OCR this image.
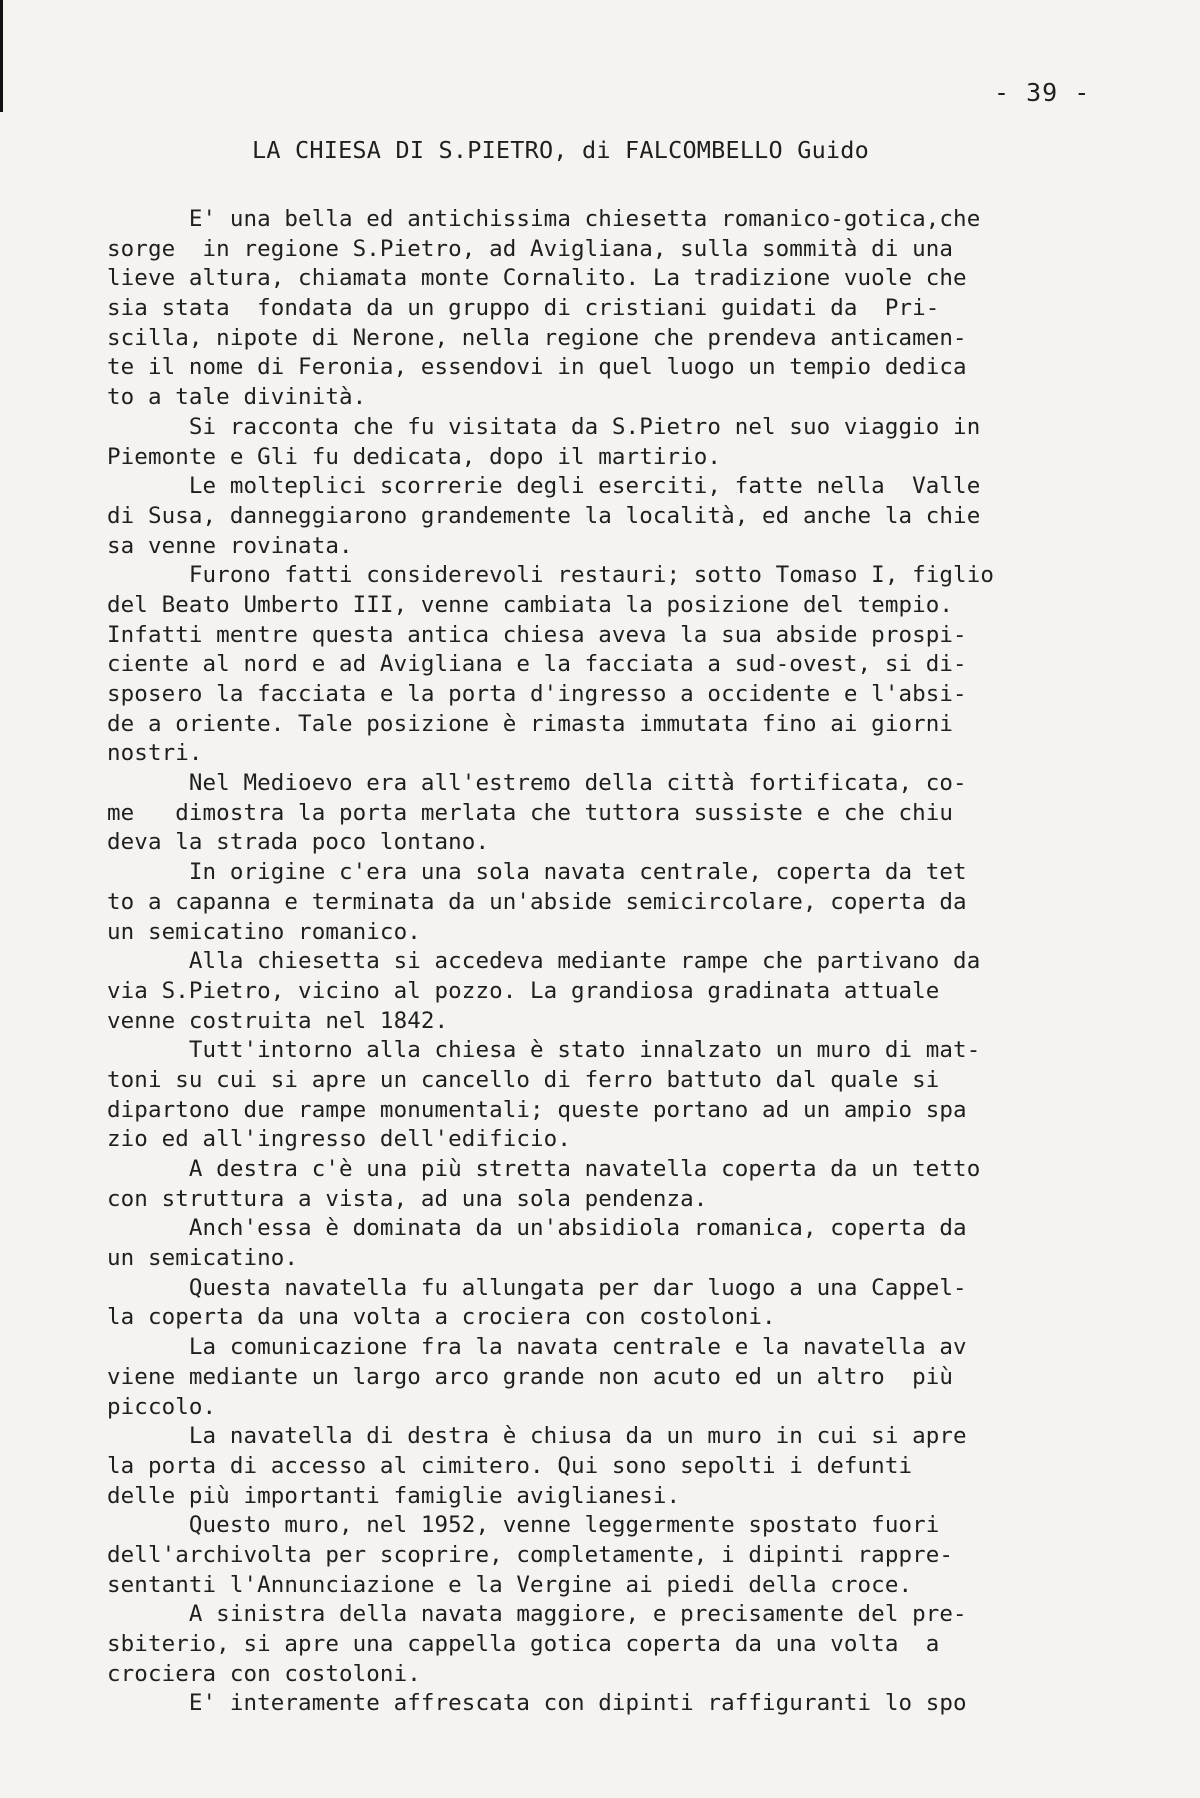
- 39 -
LA CHIESA DI S.PIETRO, di FALCOMBELLO Guido
E' una bella ed antichissima chiesetta romanico-gotica,che
sorge  in regione S.Pietro, ad Avigliana, sulla sommità di una
lieve altura, chiamata monte Cornalito. La tradizione vuole che
sia stata  fondata da un gruppo di cristiani guidati da  Pri-
scilla, nipote di Nerone, nella regione che prendeva anticamen-
te il nome di Feronia, essendovi in quel luogo un tempio dedica
to a tale divinità.
Si racconta che fu visitata da S.Pietro nel suo viaggio in
Piemonte e Gli fu dedicata, dopo il martirio.
Le molteplici scorrerie degli eserciti, fatte nella  Valle
di Susa, danneggiarono grandemente la località, ed anche la chie
sa venne rovinata.
Furono fatti considerevoli restauri; sotto Tomaso I, figlio
del Beato Umberto III, venne cambiata la posizione del tempio.
Infatti mentre questa antica chiesa aveva la sua abside prospi-
ciente al nord e ad Avigliana e la facciata a sud-ovest, si di-
sposero la facciata e la porta d'ingresso a occidente e l'absi-
de a oriente. Tale posizione è rimasta immutata fino ai giorni
nostri.
Nel Medioevo era all'estremo della città fortificata, co-
me   dimostra la porta merlata che tuttora sussiste e che chiu
deva la strada poco lontano.
In origine c'era una sola navata centrale, coperta da tet
to a capanna e terminata da un'abside semicircolare, coperta da
un semicatino romanico.
Alla chiesetta si accedeva mediante rampe che partivano da
via S.Pietro, vicino al pozzo. La grandiosa gradinata attuale
venne costruita nel 1842.
Tutt'intorno alla chiesa è stato innalzato un muro di mat-
toni su cui si apre un cancello di ferro battuto dal quale si
dipartono due rampe monumentali; queste portano ad un ampio spa
zio ed all'ingresso dell'edificio.
A destra c'è una più stretta navatella coperta da un tetto
con struttura a vista, ad una sola pendenza.
Anch'essa è dominata da un'absidiola romanica, coperta da
un semicatino.
Questa navatella fu allungata per dar luogo a una Cappel-
la coperta da una volta a crociera con costoloni.
La comunicazione fra la navata centrale e la navatella av
viene mediante un largo arco grande non acuto ed un altro  più
piccolo.
La navatella di destra è chiusa da un muro in cui si apre
la porta di accesso al cimitero. Qui sono sepolti i defunti
delle più importanti famiglie aviglianesi.
Questo muro, nel 1952, venne leggermente spostato fuori
dell'archivolta per scoprire, completamente, i dipinti rappre-
sentanti l'Annunciazione e la Vergine ai piedi della croce.
A sinistra della navata maggiore, e precisamente del pre-
sbiterio, si apre una cappella gotica coperta da una volta  a
crociera con costoloni.
E' interamente affrescata con dipinti raffiguranti lo spo
